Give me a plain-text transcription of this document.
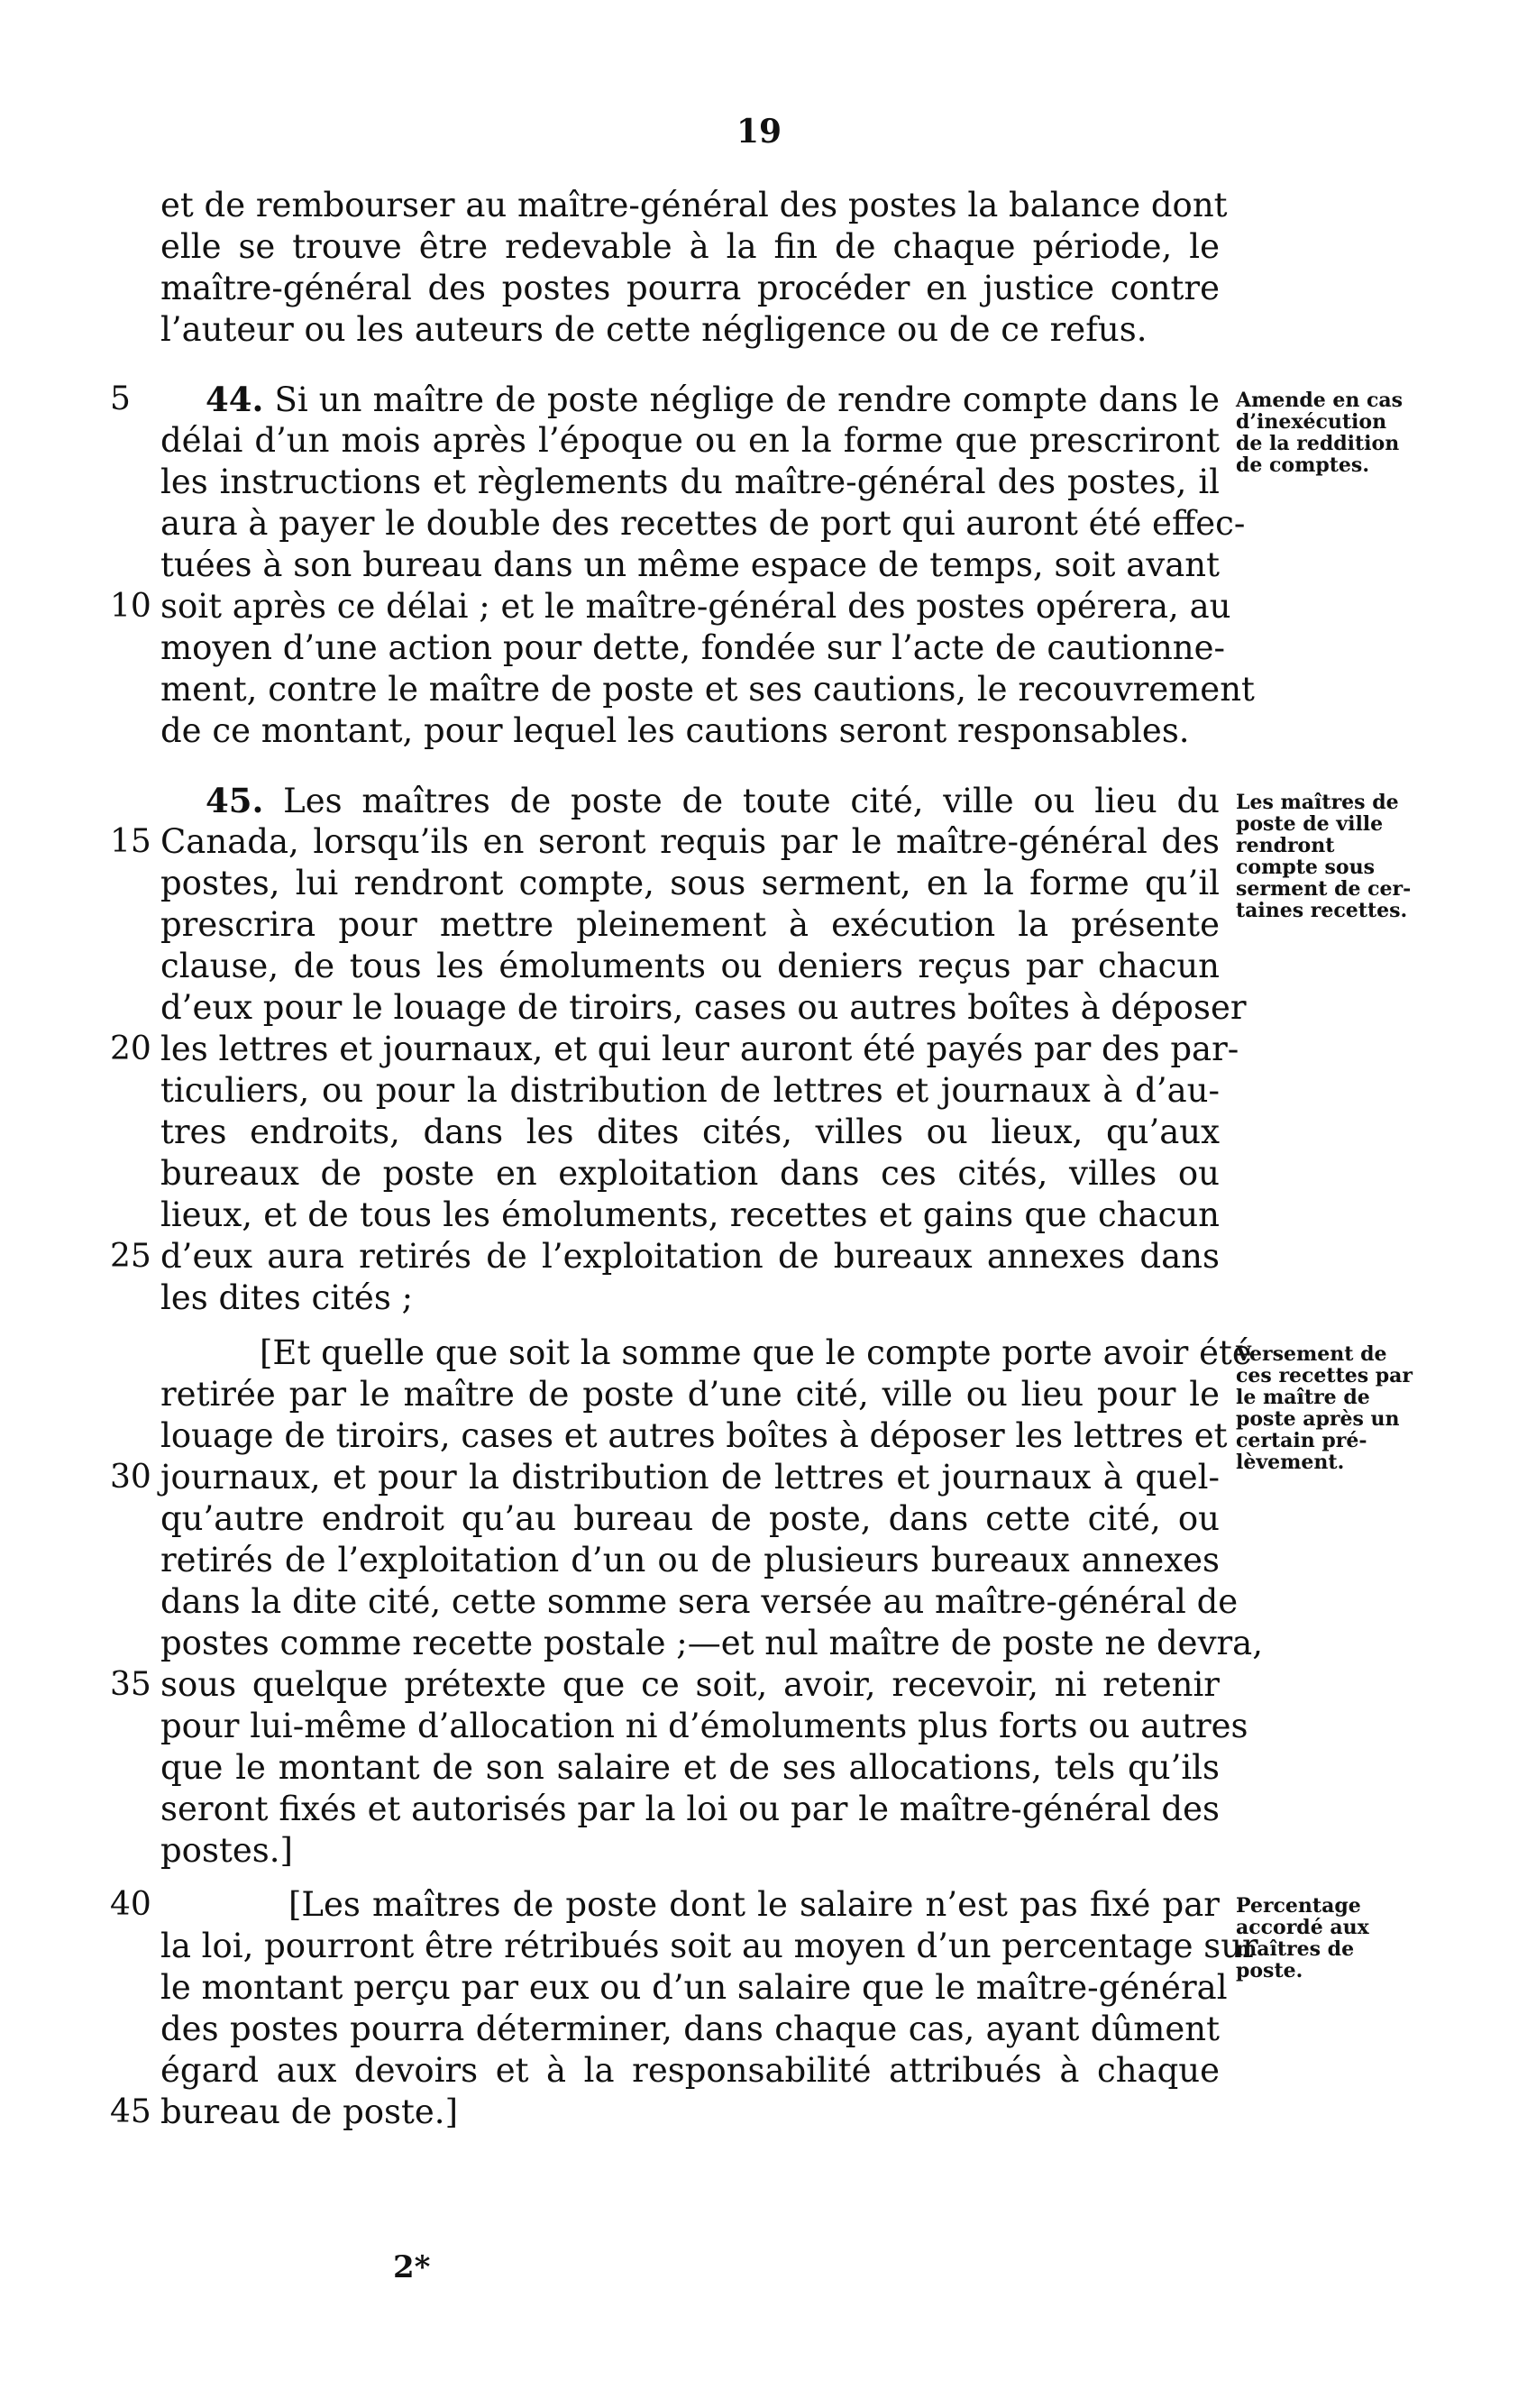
19
et de rembourser au maître-général des postes la balance dont
elle se trouve être redevable à la fin de chaque période, le
maître-général des postes pourra procéder en justice contre
l’auteur ou les auteurs de cette négligence ou de ce refus.
5	44. Si un maître de poste néglige de rendre compte dans le
délai d’un mois après l’époque ou en la forme que prescriront
les instructions et règlements du maître-général des postes, il
aura à payer le double des recettes de port qui auront été effec-
tuées à son bureau dans un même espace de temps, soit avant
10 soit après ce délai ; et le maître-général des postes opérera, au
moyen d’une action pour dette, fondée sur l’acte de cautionne-
ment, contre le maître de poste et ses cautions, le recouvrement
de ce montant, pour lequel les cautions seront responsables.
Amende en cas
d’inexécution
de la reddition
de comptes.
45. Les maîtres de poste de toute cité, ville ou lieu du
15 Canada, lorsqu’ils en seront requis par le maître-général des
postes, lui rendront compte, sous serment, en la forme qu’il
prescrira pour mettre pleinement à exécution la présente
clause, de tous les émoluments ou deniers reçus par chacun
d’eux pour le louage de tiroirs, cases ou autres boîtes à déposer
20 les lettres et journaux, et qui leur auront été payés par des par-
ticuliers, ou pour la distribution de lettres et journaux à d’au-
tres endroits, dans les dites cités, villes ou lieux, qu’aux
bureaux de poste en exploitation dans ces cités, villes ou
lieux, et de tous les émoluments, recettes et gains que chacun
25 d’eux aura retirés de l’exploitation de bureaux annexes dans
les dites cités ;
Les maîtres de
poste de ville
rendront
compte sous
serment de cer-
taines recettes.
[Et quelle que soit la somme que le compte porte avoir été
retirée par le maître de poste d’une cité, ville ou lieu pour le
louage de tiroirs, cases et autres boîtes à déposer les lettres et
30 journaux, et pour la distribution de lettres et journaux à quel-
qu’autre endroit qu’au bureau de poste, dans cette cité, ou
retirés de l’exploitation d’un ou de plusieurs bureaux annexes
dans la dite cité, cette somme sera versée au maître-général de
postes comme recette postale ;—et nul maître de poste ne devra,
35 sous quelque prétexte que ce soit, avoir, recevoir, ni retenir
pour lui-même d’allocation ni d’émoluments plus forts ou autres
que le montant de son salaire et de ses allocations, tels qu’ils
seront fixés et autorisés par la loi ou par le maître-général des
postes.]
Versement de
ces recettes par
le maître de
poste après un
certain pré-
lèvement.
40	[Les maîtres de poste dont le salaire n’est pas fixé par
la loi, pourront être rétribués soit au moyen d’un percentage sur
le montant perçu par eux ou d’un salaire que le maître-général
des postes pourra déterminer, dans chaque cas, ayant dûment
égard aux devoirs et à la responsabilité attribués à chaque
45 bureau de poste.]
Percentage
accordé aux
maîtres de
poste.
2*
